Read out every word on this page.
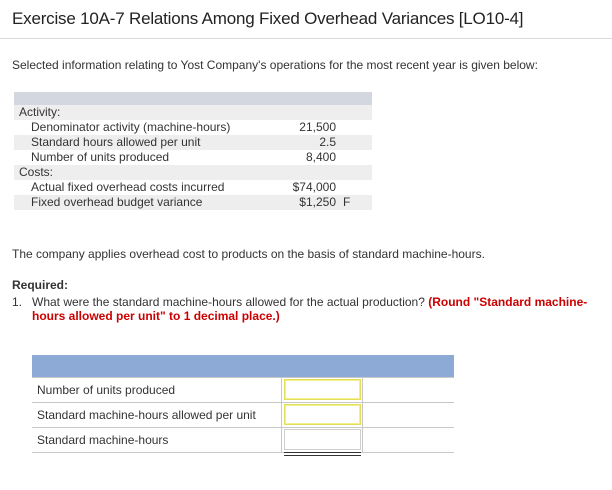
Exercise 10A-7 Relations Among Fixed Overhead Variances [LO10-4]
Selected information relating to Yost Company's operations for the most recent year is given below:
Activity:
Denominator activity (machine-hours)	21,500
Standard hours allowed per unit	2.5
Number of units produced	8,400
Costs:
Actual fixed overhead costs incurred	$74,000
Fixed overhead budget variance	$1,250 F
The company applies overhead cost to products on the basis of standard machine-hours.
Required:
1. What were the standard machine-hours allowed for the actual production? (Round "Standard machine-hours allowed per unit" to 1 decimal place.)
Number of units produced
Standard machine-hours allowed per unit
Standard machine-hours
